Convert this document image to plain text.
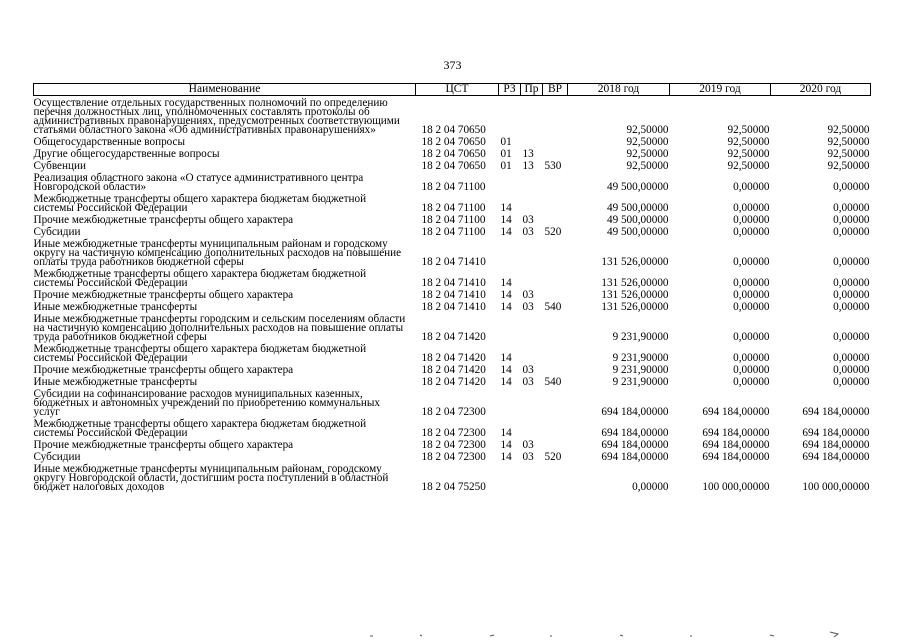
373
Наименование	ЦСТ	РЗ	Пр	ВР	2018 год	2019 год	2020 год
Осуществление отдельных государственных полномочий по определению перечня должностных лиц, уполномоченных составлять протоколы об административных правонарушениях, предусмотренных соответствующими статьями областного закона «Об административных правонарушениях»	18 2 04 70650				92,50000	92,50000	92,50000
Общегосударственные вопросы	18 2 04 70650	01			92,50000	92,50000	92,50000
Другие общегосударственные вопросы	18 2 04 70650	01	13		92,50000	92,50000	92,50000
Субвенции	18 2 04 70650	01	13	530	92,50000	92,50000	92,50000
Реализация областного закона «О статусе административного центра Новгородской области»	18 2 04 71100				49 500,00000	0,00000	0,00000
Межбюджетные трансферты общего характера бюджетам бюджетной системы Российской Федерации	18 2 04 71100	14			49 500,00000	0,00000	0,00000
Прочие межбюджетные трансферты общего характера	18 2 04 71100	14	03		49 500,00000	0,00000	0,00000
Субсидии	18 2 04 71100	14	03	520	49 500,00000	0,00000	0,00000
Иные межбюджетные трансферты муниципальным районам и городскому округу на частичную компенсацию дополнительных расходов на повышение оплаты труда работников бюджетной сферы	18 2 04 71410				131 526,00000	0,00000	0,00000
Межбюджетные трансферты общего характера бюджетам бюджетной системы Российской Федерации	18 2 04 71410	14			131 526,00000	0,00000	0,00000
Прочие межбюджетные трансферты общего характера	18 2 04 71410	14	03		131 526,00000	0,00000	0,00000
Иные межбюджетные трансферты	18 2 04 71410	14	03	540	131 526,00000	0,00000	0,00000
Иные межбюджетные трансферты городским и сельским поселениям области на частичную компенсацию дополнительных расходов на повышение оплаты труда работников бюджетной сферы	18 2 04 71420				9 231,90000	0,00000	0,00000
Межбюджетные трансферты общего характера бюджетам бюджетной системы Российской Федерации	18 2 04 71420	14			9 231,90000	0,00000	0,00000
Прочие межбюджетные трансферты общего характера	18 2 04 71420	14	03		9 231,90000	0,00000	0,00000
Иные межбюджетные трансферты	18 2 04 71420	14	03	540	9 231,90000	0,00000	0,00000
Субсидии на софинансирование расходов муниципальных казенных, бюджетных и автономных учреждений по приобретению коммунальных услуг	18 2 04 72300				694 184,00000	694 184,00000	694 184,00000
Межбюджетные трансферты общего характера бюджетам бюджетной системы Российской Федерации	18 2 04 72300	14			694 184,00000	694 184,00000	694 184,00000
Прочие межбюджетные трансферты общего характера	18 2 04 72300	14	03		694 184,00000	694 184,00000	694 184,00000
Субсидии	18 2 04 72300	14	03	520	694 184,00000	694 184,00000	694 184,00000
Иные межбюджетные трансферты муниципальным районам, городскому округу Новгородской области, достигшим роста поступлений в областной бюджет налоговых доходов	18 2 04 75250				0,00000	100 000,00000	100 000,00000
